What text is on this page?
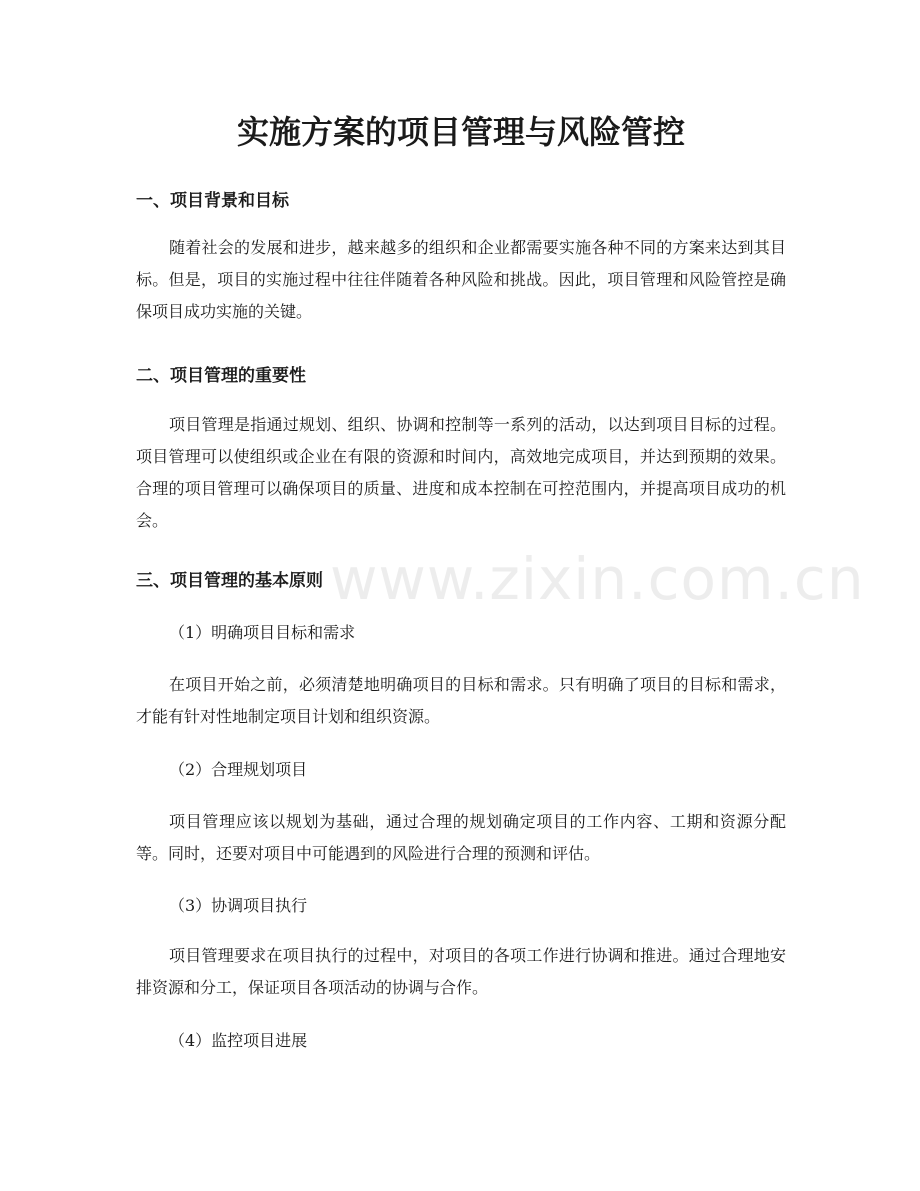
www.zixin.com.cn
实施方案的项目管理与风险管控
一、项目背景和目标

随着社会的发展和进步，越来越多的组织和企业都需要实施各种不同的方案来达到其目标。但是，项目的实施过程中往往伴随着各种风险和挑战。因此，项目管理和风险管控是确保项目成功实施的关键。

二、项目管理的重要性

项目管理是指通过规划、组织、协调和控制等一系列的活动，以达到项目目标的过程。项目管理可以使组织或企业在有限的资源和时间内，高效地完成项目，并达到预期的效果。合理的项目管理可以确保项目的质量、进度和成本控制在可控范围内，并提高项目成功的机会。

三、项目管理的基本原则
（1）明确项目目标和需求

在项目开始之前，必须清楚地明确项目的目标和需求。只有明确了项目的目标和需求，才能有针对性地制定项目计划和组织资源。

（2）合理规划项目

项目管理应该以规划为基础，通过合理的规划确定项目的工作内容、工期和资源分配等。同时，还要对项目中可能遇到的风险进行合理的预测和评估。

（3）协调项目执行

项目管理要求在项目执行的过程中，对项目的各项工作进行协调和推进。通过合理地安排资源和分工，保证项目各项活动的协调与合作。

（4）监控项目进展
